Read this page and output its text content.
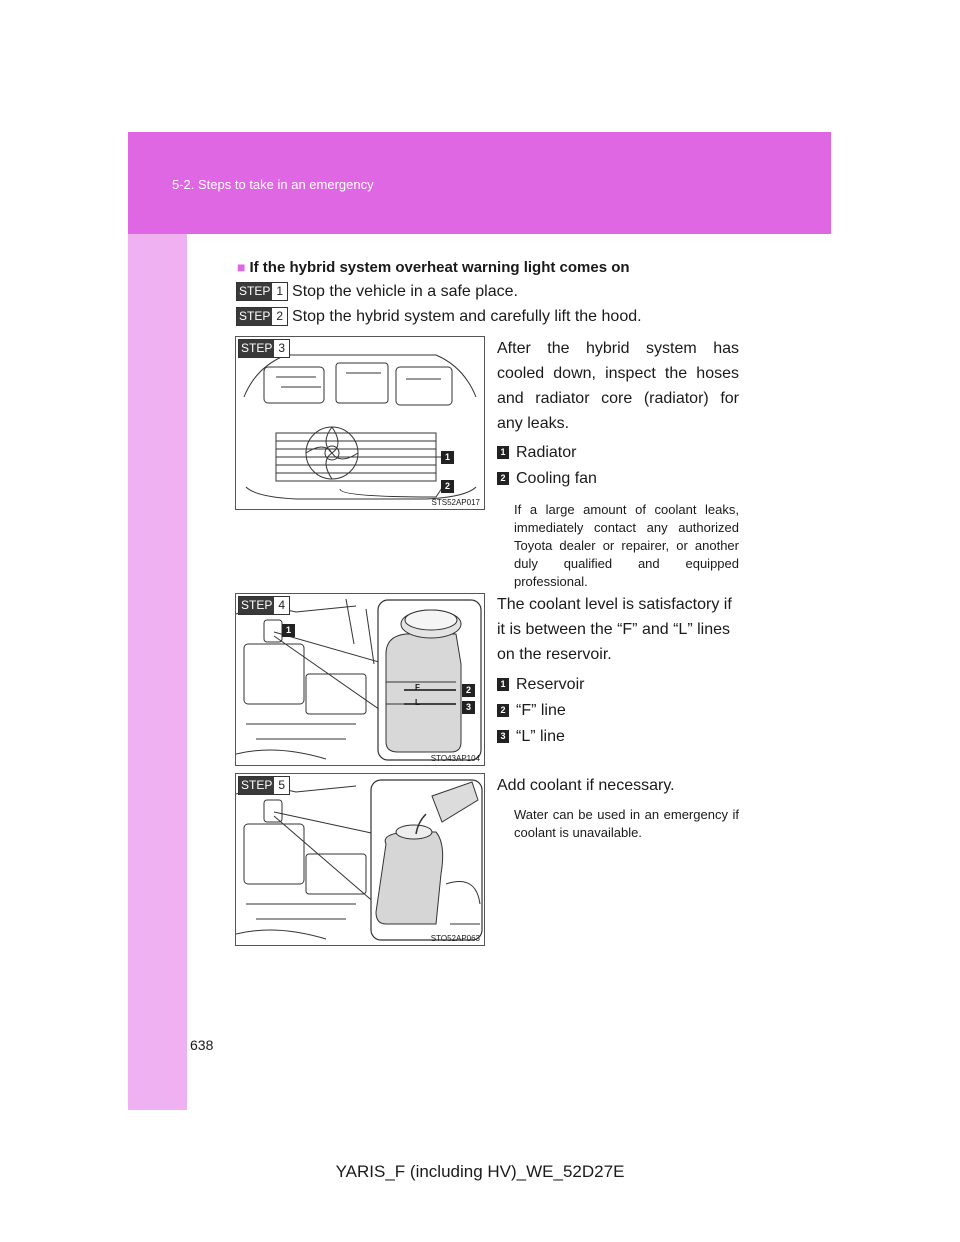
5-2. Steps to take in an emergency
■ If the hybrid system overheat warning light comes on
STEP 1 Stop the vehicle in a safe place.
STEP 2 Stop the hybrid system and carefully lift the hood.
STEP 3
1
2
STS52AP017

After the hybrid system has cooled down, inspect the hoses and radiator core (radiator) for any leaks.

1 Radiator
2 Cooling fan

If a large amount of coolant leaks, immediately contact any authorized Toyota dealer or repairer, or another duly qualified and equipped professional.

STEP 4
1
F
L
2
3
STO43AP104

The coolant level is satisfactory if it is between the “F” and “L” lines on the reservoir.

1 Reservoir
2 “F” line
3 “L” line
STEP 5
STO52AP063

Add coolant if necessary.

Water can be used in an emergency if coolant is unavailable.

638
YARIS_F (including HV)_WE_52D27E
